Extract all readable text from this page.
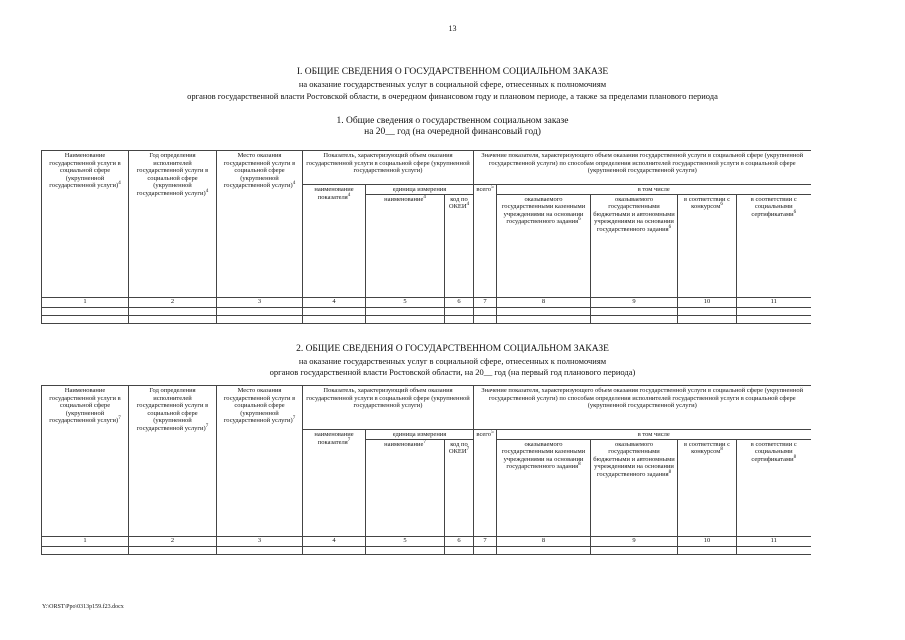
13
I. ОБЩИЕ СВЕДЕНИЯ О ГОСУДАРСТВЕННОМ СОЦИАЛЬНОМ ЗАКАЗЕ
на оказание государственных услуг в социальной сфере, отнесенных к полномочиям
органов государственной власти Ростовской области, в очередном финансовом году и плановом периоде, а также за пределами планового периода
1. Общие сведения о государственном социальном заказе
на 20__ год (на очередной финансовый год)
Наименование государственной услуги в социальной сфере (укрупненной государственной услуги)$^4$	Год определения исполнителей государственной услуги в социальной сфере (укрупненной государственной услуги)$^4$	Место оказания государственной услуги в социальной сфере (укрупненной государственной услуги)$^4$	Показатель, характеризующий объем оказания государственной услуги в социальной сфере (укрупненной государственной услуги)			Значение показателя, характеризующего объем оказания государственной услуги в социальной сфере (укрупненной государственной услуги) по способам определения исполнителей государственной услуги в социальной сфере (укрупненной государственной услуги)				
			наименование показателя$^4$	единица измерения		всего$^5$	в том числе			
				наименование$^4$	код по ОКЕИ$^4$		оказываемого государственными казенными учреждениями на основании государственного задания$^6$	оказываемого государственными бюджетными и автономными учреждениями на основании государственного задания$^6$	в соответствии с конкурсом$^6$	в соответствии с социальными сертификатами$^6$
1	2	3	4	5	6	7	8	9	10	11

2. ОБЩИЕ СВЕДЕНИЯ О ГОСУДАРСТВЕННОМ СОЦИАЛЬНОМ ЗАКАЗЕ
на оказание государственных услуг в социальной сфере, отнесенных к полномочиям
органов государственной власти Ростовской области, на 20__ год (на первый год планового периода)
Наименование государственной услуги в социальной сфере (укрупненной государственной услуги)$^7$	Год определения исполнителей государственной услуги в социальной сфере (укрупненной государственной услуги)$^7$	Место оказания государственной услуги в социальной сфере (укрупненной государственной услуги)$^7$	Показатель, характеризующий объем оказания государственной услуги в социальной сфере (укрупненной государственной услуги)			Значение показателя, характеризующего объем оказания государственной услуги в социальной сфере (укрупненной государственной услуги) по способам определения исполнителей государственной услуги в социальной сфере (укрупненной государственной услуги)				
			наименование показателя$^7$	единица измерения		всего$^5$	в том числе			
				наименование$^7$	код по ОКЕИ$^7$		оказываемого государственными казенными учреждениями на основании государственного задания$^8$	оказываемого государственными бюджетными и автономными учреждениями на основании государственного задания$^8$	в соответствии с конкурсом$^8$	в соответствии с социальными сертификатами$^8$
1	2	3	4	5	6	7	8	9	10	11

Y:\ORST\Ppo\0313p159.f23.docx
